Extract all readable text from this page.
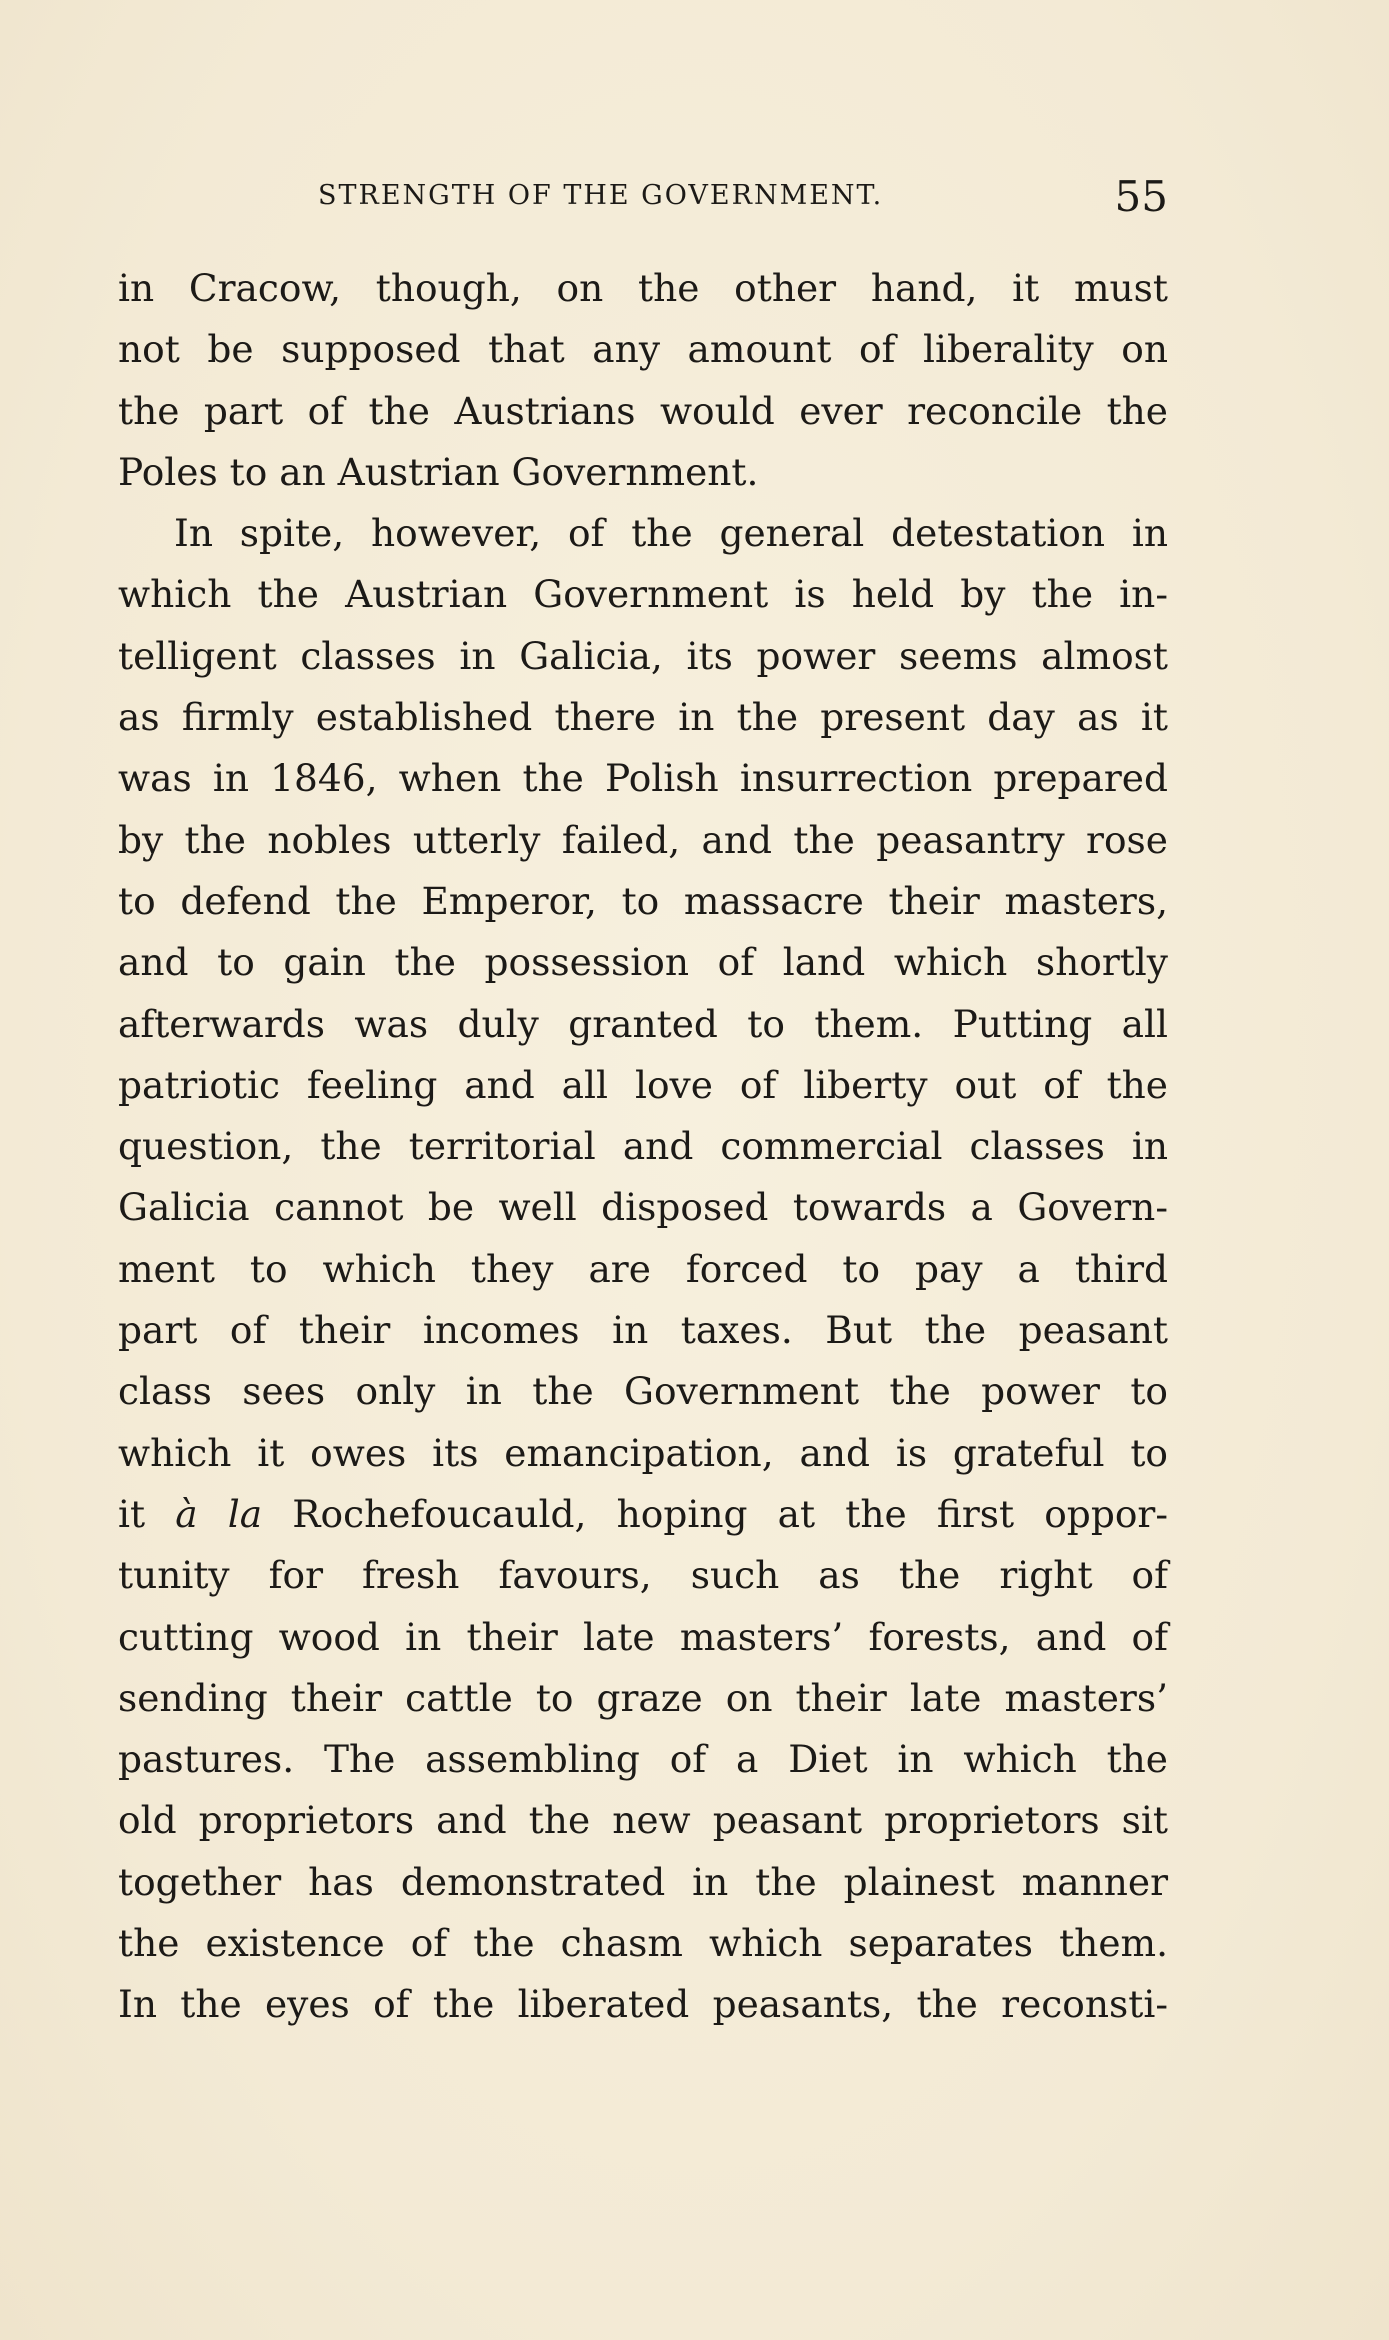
STRENGTH OF THE GOVERNMENT.	55
in Cracow, though, on the other hand, it must
not be supposed that any amount of liberality on
the part of the Austrians would ever reconcile the
Poles to an Austrian Government.
In spite, however, of the general detestation in
which the Austrian Government is held by the in-
telligent classes in Galicia, its power seems almost
as firmly established there in the present day as it
was in 1846, when the Polish insurrection prepared
by the nobles utterly failed, and the peasantry rose
to defend the Emperor, to massacre their masters,
and to gain the possession of land which shortly
afterwards was duly granted to them. Putting all
patriotic feeling and all love of liberty out of the
question, the territorial and commercial classes in
Galicia cannot be well disposed towards a Govern-
ment to which they are forced to pay a third
part of their incomes in taxes. But the peasant
class sees only in the Government the power to
which it owes its emancipation, and is grateful to
it à la Rochefoucauld, hoping at the first oppor-
tunity for fresh favours, such as the right of
cutting wood in their late masters’ forests, and of
sending their cattle to graze on their late masters’
pastures. The assembling of a Diet in which the
old proprietors and the new peasant proprietors sit
together has demonstrated in the plainest manner
the existence of the chasm which separates them.
In the eyes of the liberated peasants, the reconsti-
